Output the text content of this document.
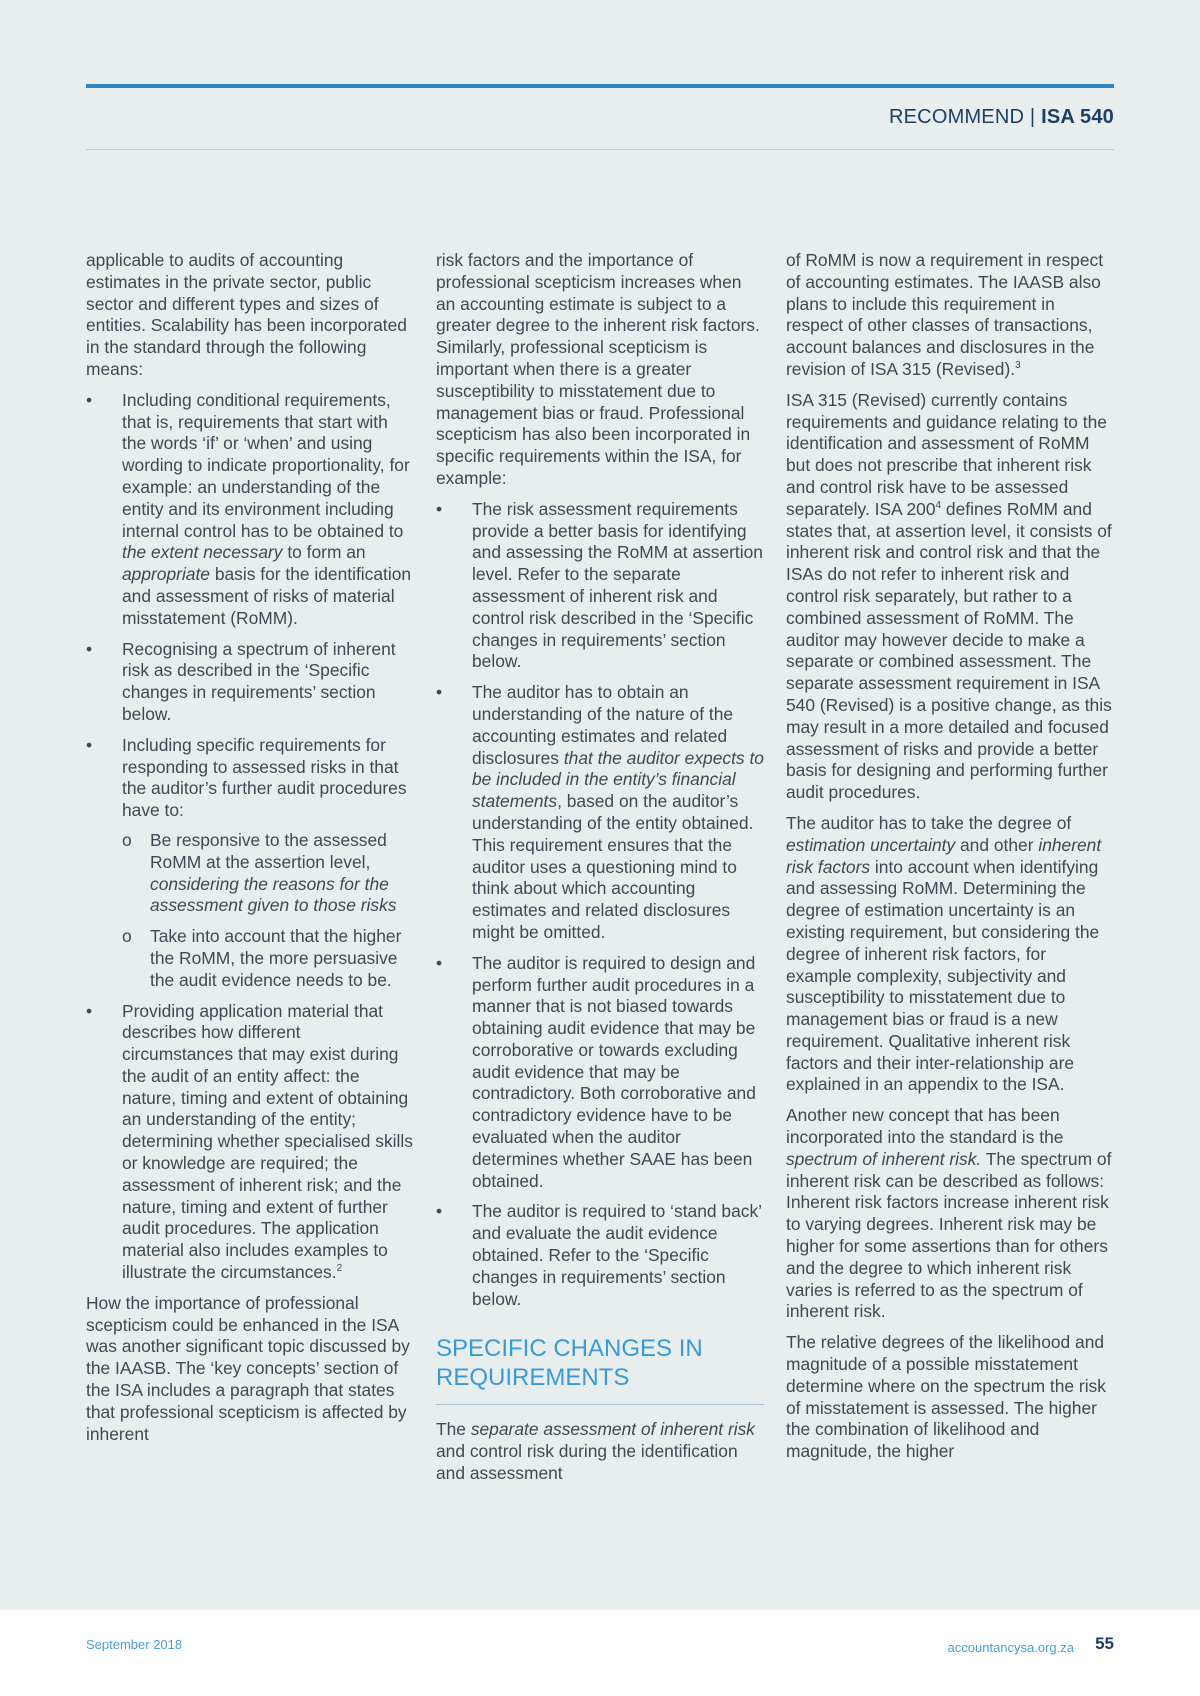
RECOMMEND | ISA 540

applicable to audits of accounting estimates in the private sector, public sector and different types and sizes of entities. Scalability has been incorporated in the standard through the following means:

• Including conditional requirements, that is, requirements that start with the words ‘if’ or ‘when’ and using wording to indicate proportionality, for example: an understanding of the entity and its environment including internal control has to be obtained to the extent necessary to form an appropriate basis for the identification and assessment of risks of material misstatement (RoMM).
• Recognising a spectrum of inherent risk as described in the ‘Specific changes in requirements’ section below.
• Including specific requirements for responding to assessed risks in that the auditor’s further audit procedures have to:
o Be responsive to the assessed RoMM at the assertion level, considering the reasons for the assessment given to those risks
o Take into account that the higher the RoMM, the more persuasive the audit evidence needs to be.
• Providing application material that describes how different circumstances that may exist during the audit of an entity affect: the nature, timing and extent of obtaining an understanding of the entity; determining whether specialised skills or knowledge are required; the assessment of inherent risk; and the nature, timing and extent of further audit procedures. The application material also includes examples to illustrate the circumstances.$^2$

How the importance of professional scepticism could be enhanced in the ISA was another significant topic discussed by the IAASB. The ‘key concepts’ section of the ISA includes a paragraph that states that professional scepticism is affected by inherent

risk factors and the importance of professional scepticism increases when an accounting estimate is subject to a greater degree to the inherent risk factors. Similarly, professional scepticism is important when there is a greater susceptibility to misstatement due to management bias or fraud. Professional scepticism has also been incorporated in specific requirements within the ISA, for example:

• The risk assessment requirements provide a better basis for identifying and assessing the RoMM at assertion level. Refer to the separate assessment of inherent risk and control risk described in the ‘Specific changes in requirements’ section below.
• The auditor has to obtain an understanding of the nature of the accounting estimates and related disclosures that the auditor expects to be included in the entity’s financial statements, based on the auditor’s understanding of the entity obtained. This requirement ensures that the auditor uses a questioning mind to think about which accounting estimates and related disclosures might be omitted.
• The auditor is required to design and perform further audit procedures in a manner that is not biased towards obtaining audit evidence that may be corroborative or towards excluding audit evidence that may be contradictory. Both corroborative and contradictory evidence have to be evaluated when the auditor determines whether SAAE has been obtained.
• The auditor is required to ‘stand back’ and evaluate the audit evidence obtained. Refer to the ‘Specific changes in requirements’ section below.
SPECIFIC CHANGES IN REQUIREMENTS

The separate assessment of inherent risk and control risk during the identification and assessment

of RoMM is now a requirement in respect of accounting estimates. The IAASB also plans to include this requirement in respect of other classes of transactions, account balances and disclosures in the revision of ISA 315 (Revised).$^3$

ISA 315 (Revised) currently contains requirements and guidance relating to the identification and assessment of RoMM but does not prescribe that inherent risk and control risk have to be assessed separately. ISA $200^4$ defines RoMM and states that, at assertion level, it consists of inherent risk and control risk and that the ISAs do not refer to inherent risk and control risk separately, but rather to a combined assessment of RoMM. The auditor may however decide to make a separate or combined assessment. The separate assessment requirement in ISA 540 (Revised) is a positive change, as this may result in a more detailed and focused assessment of risks and provide a better basis for designing and performing further audit procedures.

The auditor has to take the degree of estimation uncertainty and other inherent risk factors into account when identifying and assessing RoMM. Determining the degree of estimation uncertainty is an existing requirement, but considering the degree of inherent risk factors, for example complexity, subjectivity and susceptibility to misstatement due to management bias or fraud is a new requirement. Qualitative inherent risk factors and their inter-relationship are explained in an appendix to the ISA.

Another new concept that has been incorporated into the standard is the spectrum of inherent risk. The spectrum of inherent risk can be described as follows: Inherent risk factors increase inherent risk to varying degrees. Inherent risk may be higher for some assertions than for others and the degree to which inherent risk varies is referred to as the spectrum of inherent risk.

The relative degrees of the likelihood and magnitude of a possible misstatement determine where on the spectrum the risk of misstatement is assessed. The higher the combination of likelihood and magnitude, the higher

September 2018	accountancysa.org.za 55
